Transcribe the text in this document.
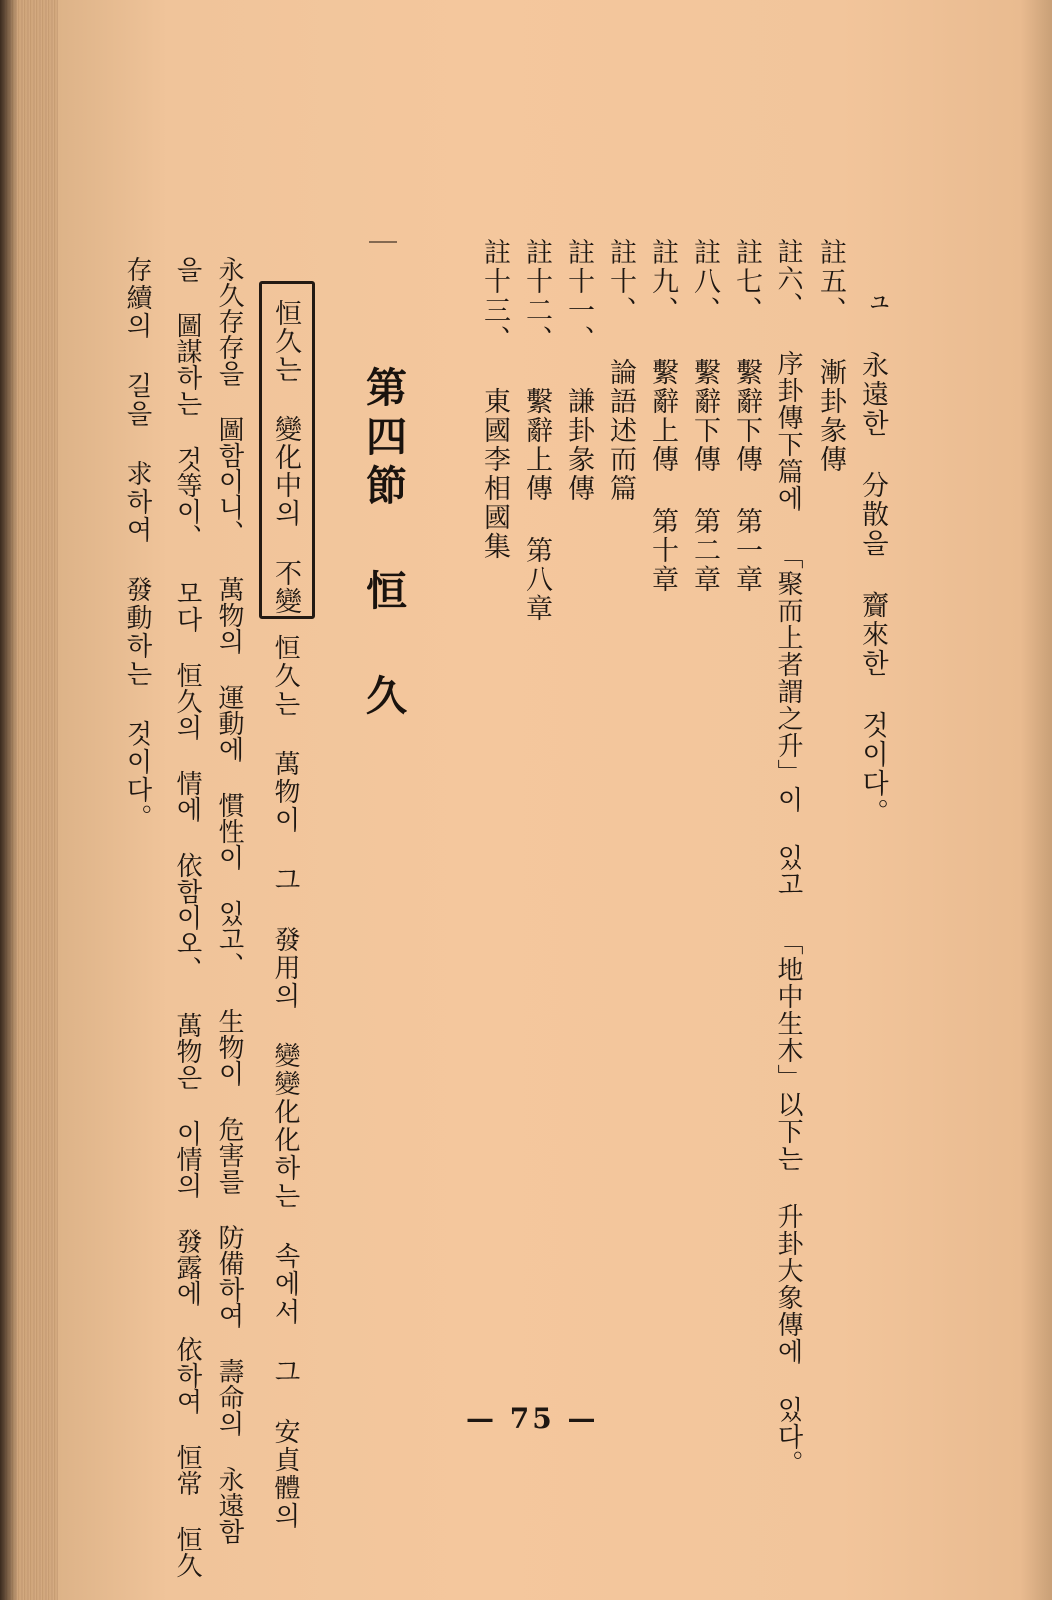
ュ 永遠한 分散을 齎來한 것이다。

註五、 漸卦彖傳

註六、 序卦傳下篇에 「聚而上者謂之升」이 있고 「地中生木」以下는 升卦大象傳에 있다。

註七、 繫辭下傳 第一章

註八、 繫辭下傳 第二章

註九、 繫辭上傳 第十章

註十、 論語述而篇

註十一、 謙卦彖傳

註十二、 繫辭上傳 第八章

註十三、 東國李相國集

第四節 恒 久

恒久는 變化中의 不變

恒久는 萬物이 그 發用의 變變化化하는 속에서 그 安貞體의

永久存存을 圖함이니、 萬物의 運動에 慣性이 있고、 生物이 危害를 防備하여 壽命의 永遠함

을 圖謀하는 것等이、 모다 恒久의 情에 依함이오、 萬物은 이情의 發露에 依하여 恒常 恒久

存續의 길을 求하여 發動하는 것이다。

— 75 —
